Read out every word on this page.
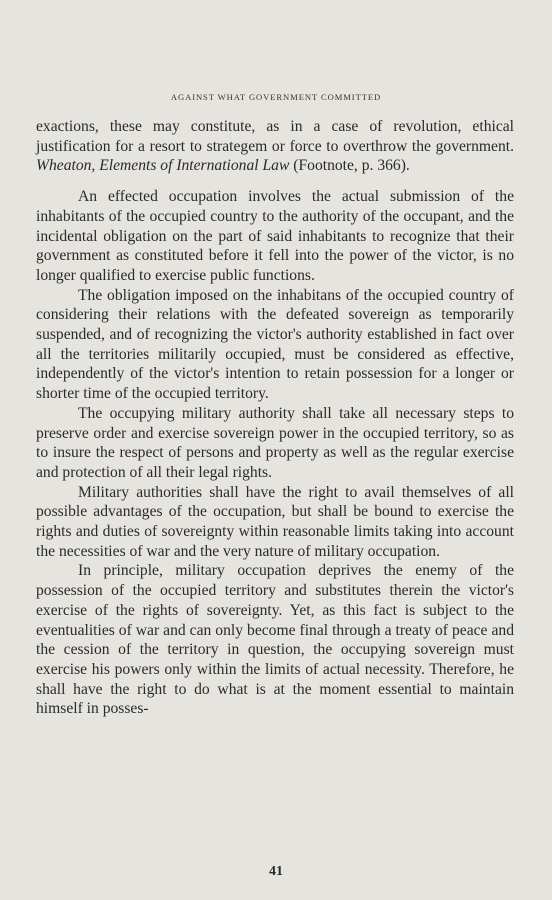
AGAINST WHAT GOVERNMENT COMMITTED

exactions, these may constitute, as in a case of revolution, ethical justification for a resort to strategem or force to overthrow the government. Wheaton, Elements of International Law (Footnote, p. 366).

An effected occupation involves the actual submission of the inhabitants of the occupied country to the authority of the occupant, and the incidental obligation on the part of said inhabitants to recognize that their government as constituted before it fell into the power of the victor, is no longer qualified to exercise public functions.

The obligation imposed on the inhabitans of the occupied country of considering their relations with the defeated sovereign as temporarily suspended, and of recognizing the victor's authority established in fact over all the territories militarily occupied, must be considered as effective, independently of the victor's intention to retain possession for a longer or shorter time of the occupied territory.

The occupying military authority shall take all necessary steps to preserve order and exercise sovereign power in the occupied territory, so as to insure the respect of persons and property as well as the regular exercise and protection of all their legal rights.

Military authorities shall have the right to avail themselves of all possible advantages of the occupation, but shall be bound to exercise the rights and duties of sovereignty within reasonable limits taking into account the necessities of war and the very nature of military occupation.

In principle, military occupation deprives the enemy of the possession of the occupied territory and substitutes therein the victor's exercise of the rights of sovereignty. Yet, as this fact is subject to the eventualities of war and can only become final through a treaty of peace and the cession of the territory in question, the occupying sovereign must exercise his powers only within the limits of actual necessity. Therefore, he shall have the right to do what is at the moment essential to maintain himself in posses-

41
